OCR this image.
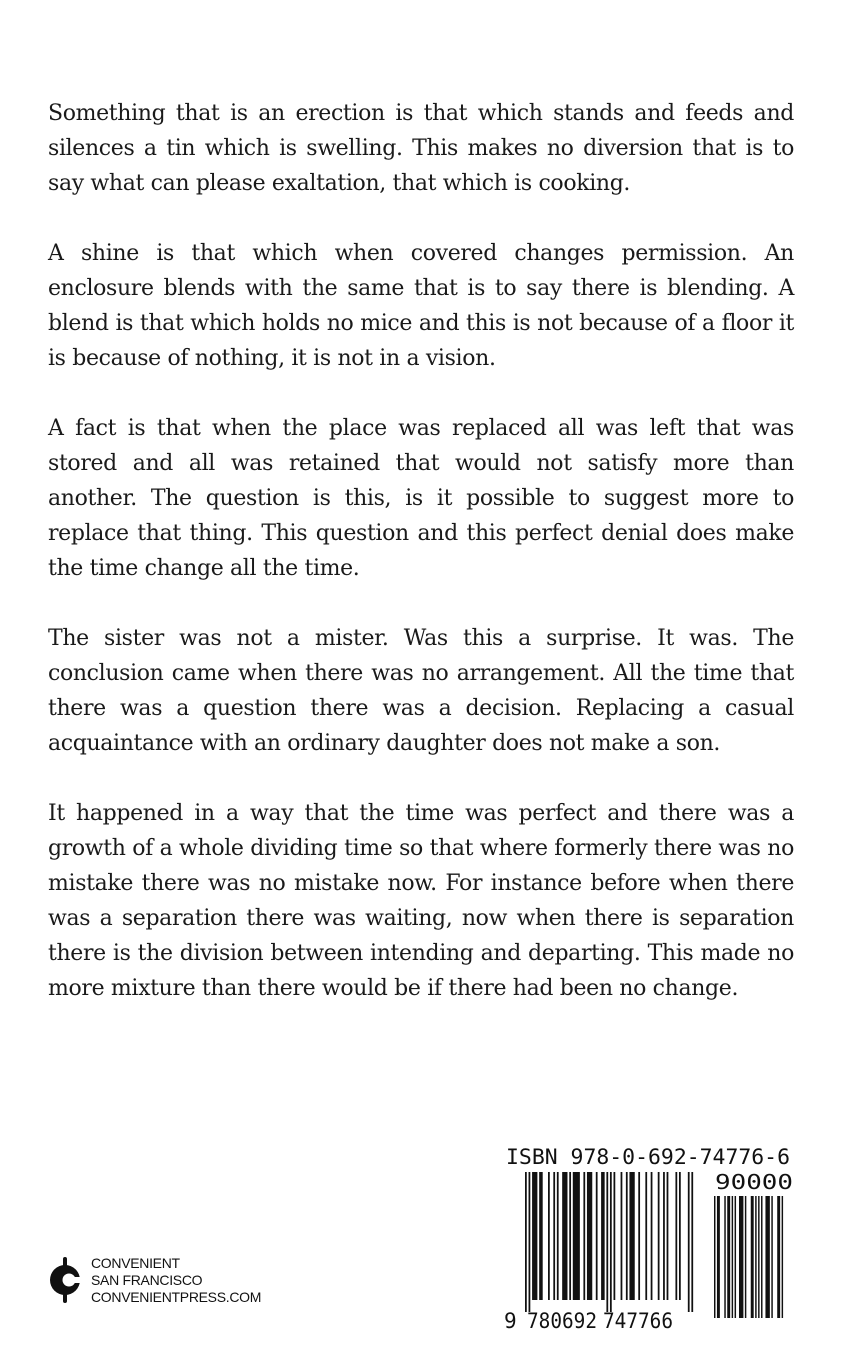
Something that is an erection is that which stands and feeds and silences a tin which is swelling. This makes no diversion that is to say what can please exaltation, that which is cooking.

A shine is that which when covered changes permission. An enclosure blends with the same that is to say there is blending. A blend is that which holds no mice and this is not because of a floor it is because of nothing, it is not in a vision.

A fact is that when the place was replaced all was left that was stored and all was retained that would not satisfy more than another. The question is this, is it possible to suggest more to replace that thing. This question and this perfect denial does make the time change all the time.

The sister was not a mister. Was this a surprise. It was. The conclusion came when there was no arrangement. All the time that there was a question there was a decision. Replacing a casual acquaintance with an ordinary daughter does not make a son.

It happened in a way that the time was perfect and there was a growth of a whole dividing time so that where formerly there was no mistake there was no mistake now. For instance before when there was a separation there was waiting, now when there is separation there is the division between intending and departing. This made no more mixture than there would be if there had been no change.

CONVENIENT
SAN FRANCISCO
CONVENIENTPRESS.COM
ISBN 978-0-692-74776-6
90000
9 780692 747766
